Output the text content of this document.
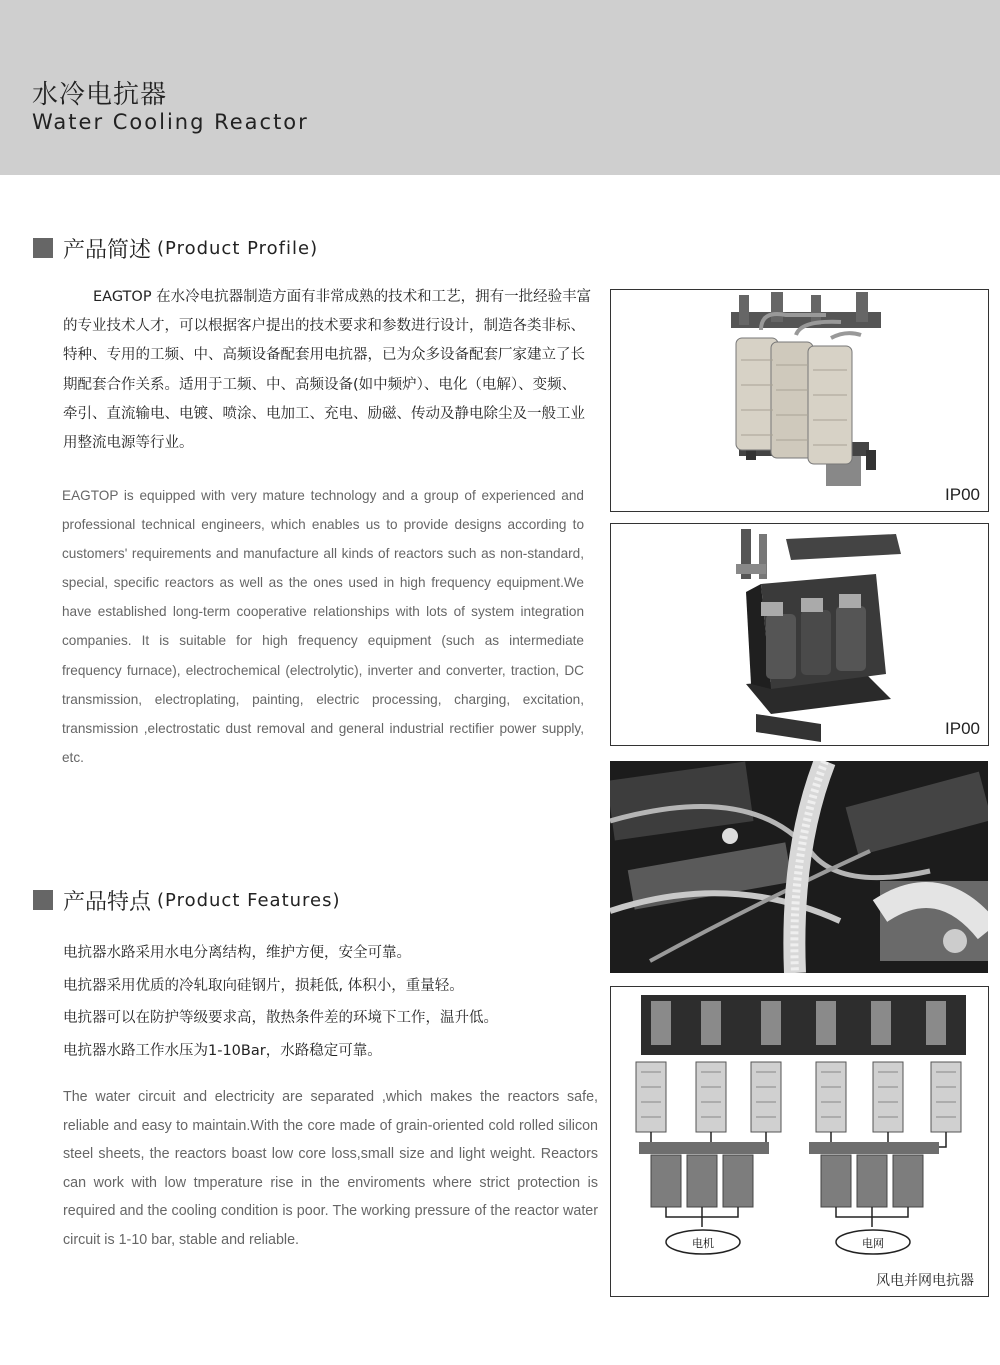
水冷电抗器
Water Cooling Reactor
产品简述 (Product Profile)

EAGTOP 在水冷电抗器制造方面有非常成熟的技术和工艺，拥有一批经验丰富

的专业技术人才，可以根据客户提出的技术要求和参数进行设计，制造各类非标、

特种、专用的工频、中、高频设备配套用电抗器，已为众多设备配套厂家建立了长

期配套合作关系。适用于工频、中、高频设备(如中频炉）、电化（电解）、变频、

牵引、直流输电、电镀、喷涂、电加工、充电、励磁、传动及静电除尘及一般工业

用整流电源等行业。

EAGTOP is equipped with very mature technology and a group of experienced and professional technical engineers, which enables us to provide designs according to customers' requirements and manufacture all kinds of reactors such as non-standard, special, specific reactors as well as the ones used in high frequency equipment.We have established long-term cooperative relationships with lots of system integration companies. It is suitable for high frequency equipment (such as intermediate frequency furnace), electrochemical (electrolytic), inverter and converter, traction, DC transmission, electroplating, painting, electric processing, charging, excitation, transmission ,electrostatic dust removal and general industrial rectifier power supply, etc.
产品特点 (Product Features)
电抗器水路采用水电分离结构，维护方便，安全可靠。
电抗器采用优质的冷轧取向硅钢片，损耗低, 体积小，重量轻。
电抗器可以在防护等级要求高，散热条件差的环境下工作，温升低。
电抗器水路工作水压为1-10Bar，水路稳定可靠。
The water circuit and electricity are separated ,which makes the reactors safe, reliable and easy to maintain.With the core made of grain-oriented cold rolled silicon steel sheets, the reactors boast low core loss,small size and light weight. Reactors can work with low tmperature rise in the enviroments where strict protection is required and the cooling condition is poor. The working pressure of the reactor water circuit is 1-10 bar, stable and reliable.
IP00
IP00
电机	电网
风电并网电抗器
